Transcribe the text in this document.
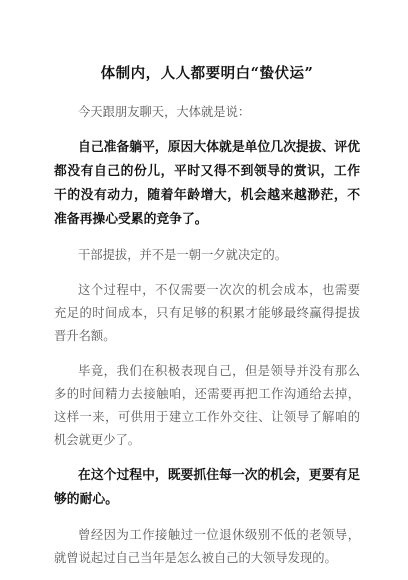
体制内，人人都要明白“蛰伏运”

今天跟朋友聊天，大体就是说：

自己准备躺平，原因大体就是单位几次提拔、评优都没有自己的份儿，平时又得不到领导的赏识，工作干的没有动力，随着年龄增大，机会越来越渺茫，不准备再操心受累的竞争了。

干部提拔，并不是一朝一夕就决定的。

这个过程中，不仅需要一次次的机会成本，也需要充足的时间成本，只有足够的积累才能够最终赢得提拔晋升名额。

毕竟，我们在积极表现自己，但是领导并没有那么多的时间精力去接触咱，还需要再把工作沟通给去掉，这样一来，可供用于建立工作外交往、让领导了解咱的机会就更少了。

在这个过程中，既要抓住每一次的机会，更要有足够的耐心。

曾经因为工作接触过一位退休级别不低的老领导，就曾说起过自己当年是怎么被自己的大领导发现的。
